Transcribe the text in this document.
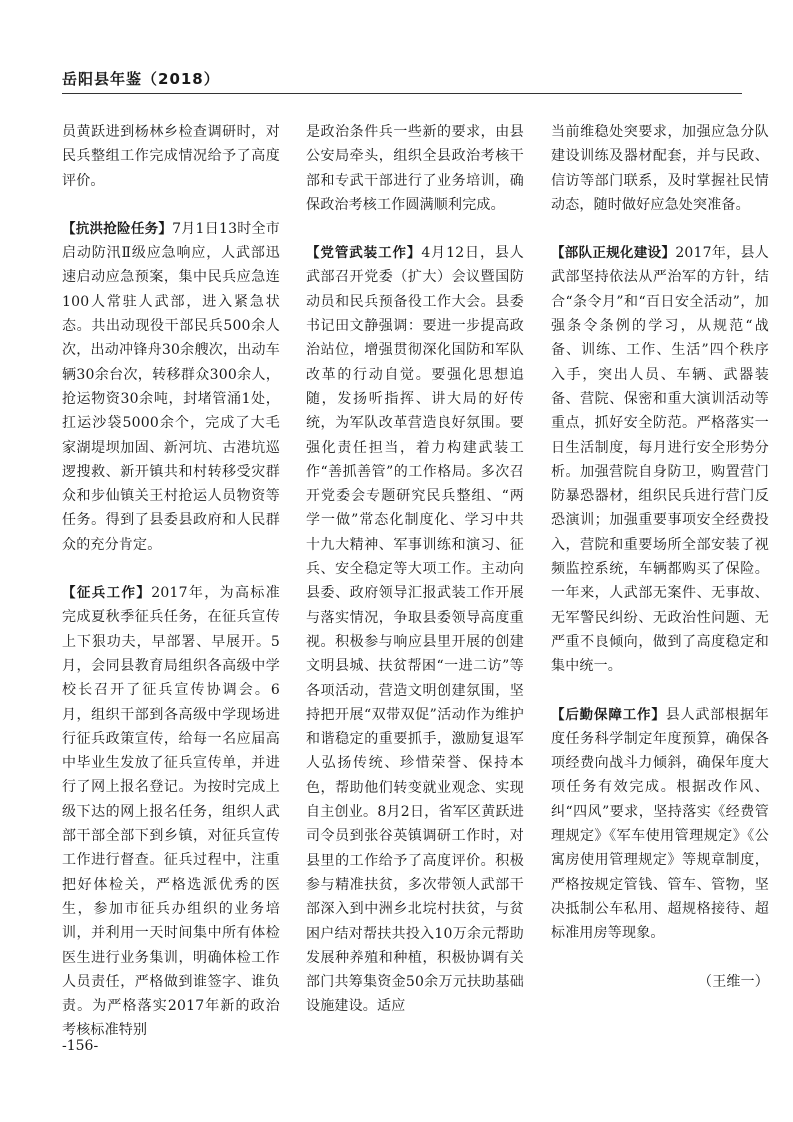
岳阳县年鉴（2018）

员黄跃进到杨林乡检查调研时，对民兵整组工作完成情况给予了高度评价。

【抗洪抢险任务】7月1日13时全市启动防汛Ⅱ级应急响应，人武部迅速启动应急预案，集中民兵应急连100人常驻人武部，进入紧急状态。共出动现役干部民兵500余人次，出动冲锋舟30余艘次，出动车辆30余台次，转移群众300余人，抢运物资30余吨，封堵管涌1处，扛运沙袋5000余个，完成了大毛家湖堤坝加固、新河坑、古港坑巡逻搜救、新开镇共和村转移受灾群众和步仙镇关王村抢运人员物资等任务。得到了县委县政府和人民群众的充分肯定。

【征兵工作】2017年，为高标准完成夏秋季征兵任务，在征兵宣传上下狠功夫，早部署、早展开。5月，会同县教育局组织各高级中学校长召开了征兵宣传协调会。6月，组织干部到各高级中学现场进行征兵政策宣传，给每一名应届高中毕业生发放了征兵宣传单，并进行了网上报名登记。为按时完成上级下达的网上报名任务，组织人武部干部全部下到乡镇，对征兵宣传工作进行督查。征兵过程中，注重把好体检关，严格选派优秀的医生，参加市征兵办组织的业务培训，并利用一天时间集中所有体检医生进行业务集训，明确体检工作人员责任，严格做到谁签字、谁负责。为严格落实2017年新的政治考核标准特别

是政治条件兵一些新的要求，由县公安局牵头，组织全县政治考核干部和专武干部进行了业务培训，确保政治考核工作圆满顺利完成。

【党管武装工作】4月12日，县人武部召开党委（扩大）会议暨国防动员和民兵预备役工作大会。县委书记田文静强调：要进一步提高政治站位，增强贯彻深化国防和军队改革的行动自觉。要强化思想追随，发扬听指挥、讲大局的好传统，为军队改革营造良好氛围。要强化责任担当，着力构建武装工作“善抓善管”的工作格局。多次召开党委会专题研究民兵整组、“两学一做”常态化制度化、学习中共十九大精神、军事训练和演习、征兵、安全稳定等大项工作。主动向县委、政府领导汇报武装工作开展与落实情况，争取县委领导高度重视。积极参与响应县里开展的创建文明县城、扶贫帮困“一进二访”等各项活动，营造文明创建氛围，坚持把开展“双带双促”活动作为维护和谐稳定的重要抓手，激励复退军人弘扬传统、珍惜荣誉、保持本色，帮助他们转变就业观念、实现自主创业。8月2日，省军区黄跃进司令员到张谷英镇调研工作时，对县里的工作给予了高度评价。积极参与精准扶贫，多次带领人武部干部深入到中洲乡北垸村扶贫，与贫困户结对帮扶共投入10万余元帮助发展种养殖和种植，积极协调有关部门共筹集资金50余万元扶助基础设施建设。适应

当前维稳处突要求，加强应急分队建设训练及器材配套，并与民政、信访等部门联系，及时掌握社民情动态，随时做好应急处突准备。

【部队正规化建设】2017年，县人武部坚持依法从严治军的方针，结合“条令月”和“百日安全活动”，加强条令条例的学习，从规范“战备、训练、工作、生活”四个秩序入手，突出人员、车辆、武器装备、营院、保密和重大演训活动等重点，抓好安全防范。严格落实一日生活制度，每月进行安全形势分析。加强营院自身防卫，购置营门防暴恐器材，组织民兵进行营门反恐演训；加强重要事项安全经费投入，营院和重要场所全部安装了视频监控系统，车辆都购买了保险。一年来，人武部无案件、无事故、无军警民纠纷、无政治性问题、无严重不良倾向，做到了高度稳定和集中统一。

【后勤保障工作】县人武部根据年度任务科学制定年度预算，确保各项经费向战斗力倾斜，确保年度大项任务有效完成。根据改作风、纠“四风”要求，坚持落实《经费管理规定》《军车使用管理规定》《公寓房使用管理规定》等规章制度，严格按规定管钱、管车、管物，坚决抵制公车私用、超规格接待、超标准用房等现象。

（王维一）
-156-
